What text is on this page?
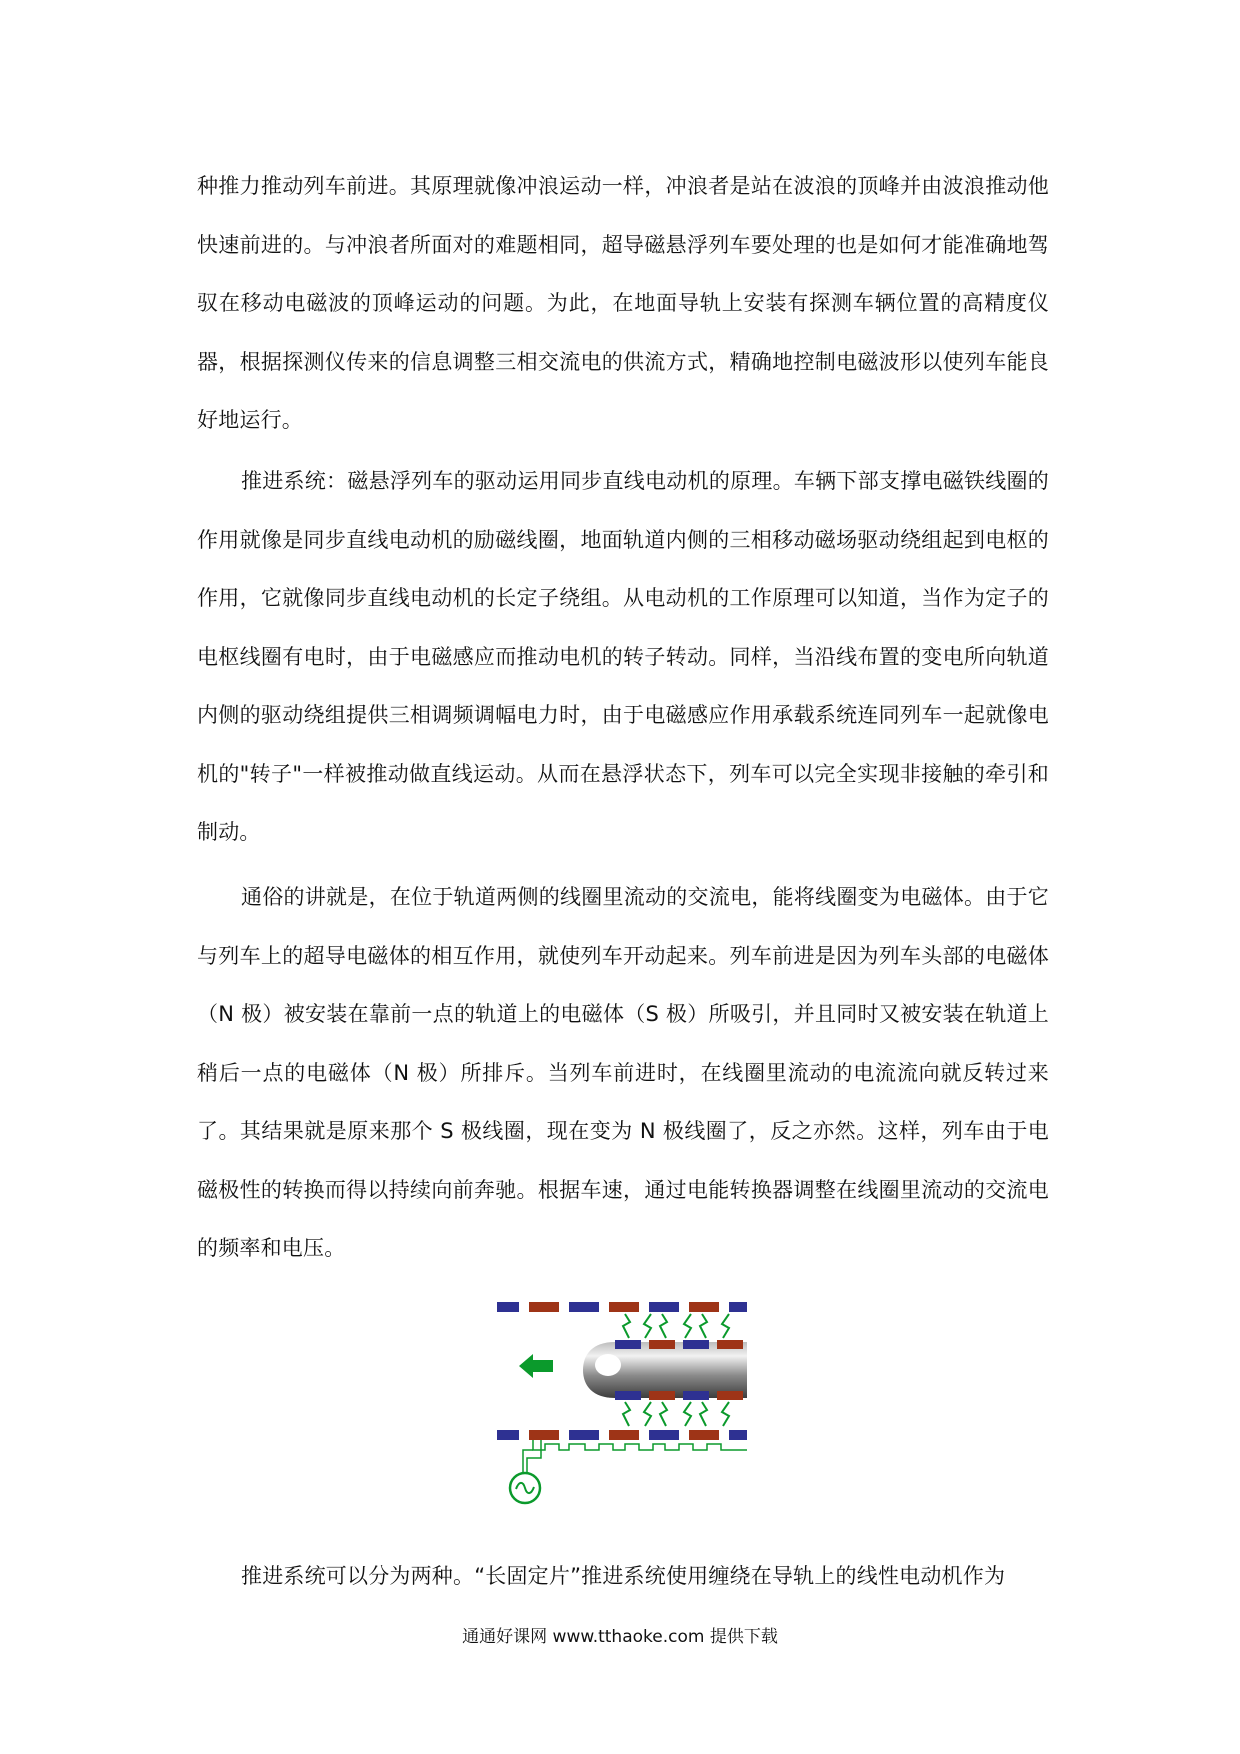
种推力推动列车前进。其原理就像冲浪运动一样，冲浪者是站在波浪的顶峰并由波浪推动他快速前进的。与冲浪者所面对的难题相同，超导磁悬浮列车要处理的也是如何才能准确地驾驭在移动电磁波的顶峰运动的问题。为此，在地面导轨上安装有探测车辆位置的高精度仪器，根据探测仪传来的信息调整三相交流电的供流方式，精确地控制电磁波形以使列车能良好地运行。

推进系统：磁悬浮列车的驱动运用同步直线电动机的原理。车辆下部支撑电磁铁线圈的作用就像是同步直线电动机的励磁线圈，地面轨道内侧的三相移动磁场驱动绕组起到电枢的作用，它就像同步直线电动机的长定子绕组。从电动机的工作原理可以知道，当作为定子的电枢线圈有电时，由于电磁感应而推动电机的转子转动。同样，当沿线布置的变电所向轨道内侧的驱动绕组提供三相调频调幅电力时，由于电磁感应作用承载系统连同列车一起就像电机的"转子"一样被推动做直线运动。从而在悬浮状态下，列车可以完全实现非接触的牵引和制动。

通俗的讲就是，在位于轨道两侧的线圈里流动的交流电，能将线圈变为电磁体。由于它与列车上的超导电磁体的相互作用，就使列车开动起来。列车前进是因为列车头部的电磁体（N 极）被安装在靠前一点的轨道上的电磁体（S 极）所吸引，并且同时又被安装在轨道上稍后一点的电磁体（N 极）所排斥。当列车前进时，在线圈里流动的电流流向就反转过来了。其结果就是原来那个 S 极线圈，现在变为 N 极线圈了，反之亦然。这样，列车由于电磁极性的转换而得以持续向前奔驰。根据车速，通过电能转换器调整在线圈里流动的交流电的频率和电压。

推进系统可以分为两种。“长固定片”推进系统使用缠绕在导轨上的线性电动机作为

通通好课网 www.tthaoke.com 提供下载
